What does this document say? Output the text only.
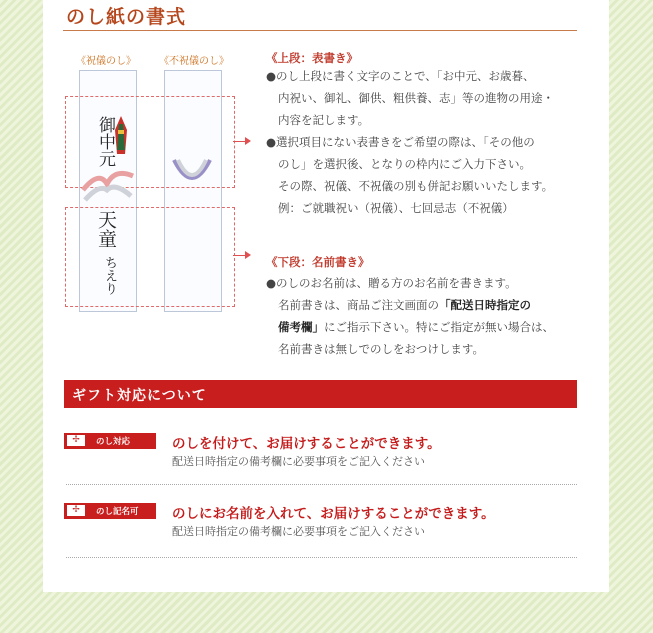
のし紙の書式
《祝儀のし》 《不祝儀のし》
御中元
天童
ちえり
《上段：表書き》
●のし上段に書く文字のことで、「お中元、お歳暮、
内祝い、御礼、御供、粗供養、志」等の進物の用途・
内容を記します。
●選択項目にない表書きをご希望の際は、「その他の
のし」を選択後、となりの枠内にご入力下さい。
その際、祝儀、不祝儀の別も併記お願いいたします。
例：ご就職祝い（祝儀）、七回忌志（不祝儀）
《下段：名前書き》
●のしのお名前は、贈る方のお名前を書きます。
名前書きは、商品ご注文画面の「配送日時指定の
備考欄」にご指示下さい。特にご指定が無い場合は、
名前書きは無しでのしをおつけします。
ギフト対応について
✢	のし対応	のしを付けて、お届けすることができます。
配送日時指定の備考欄に必要事項をご記入ください
✢	のし記名可 のしにお名前を入れて、お届けすることができます。
配送日時指定の備考欄に必要事項をご記入ください
